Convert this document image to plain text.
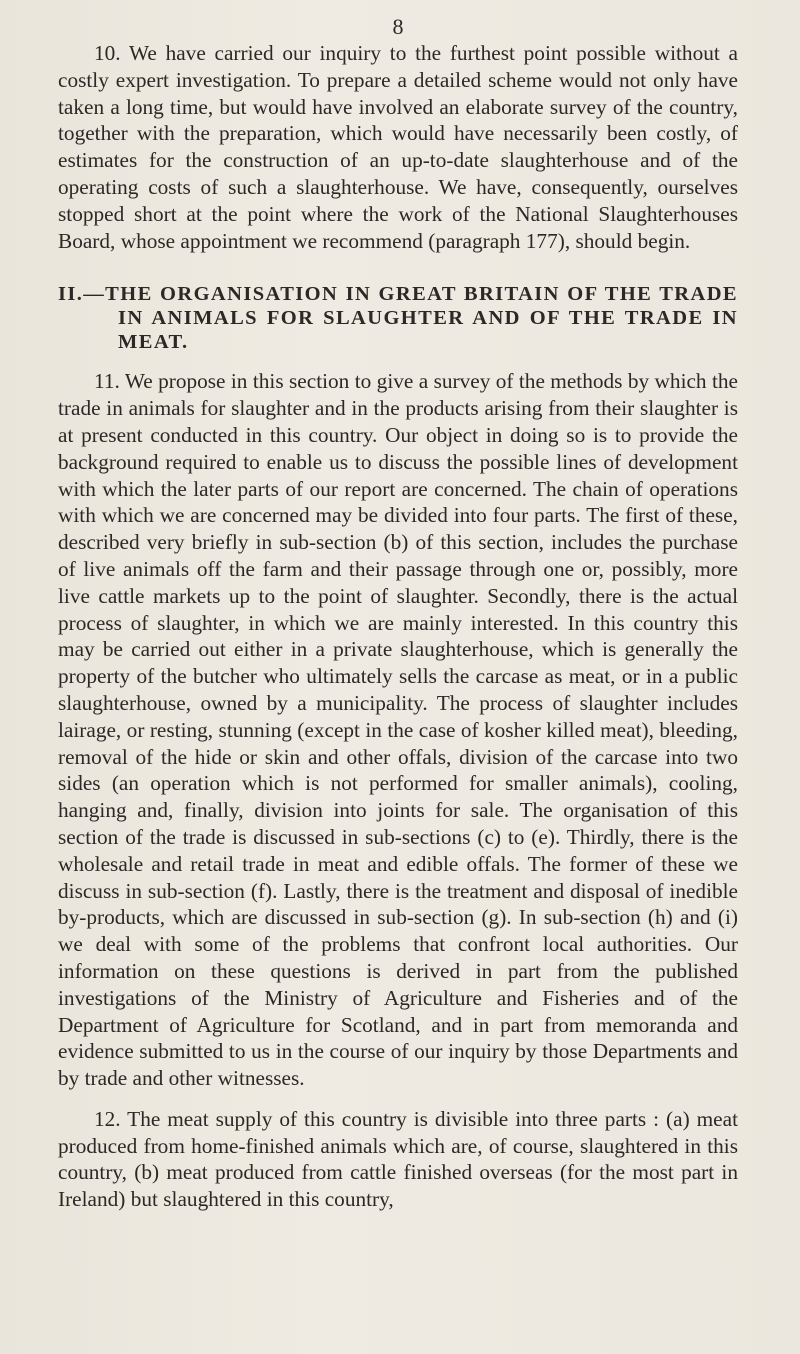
8

10. We have carried our inquiry to the furthest point possible without a costly expert investigation. To prepare a detailed scheme would not only have taken a long time, but would have involved an elaborate survey of the country, together with the preparation, which would have necessarily been costly, of estimates for the construction of an up-to-date slaughterhouse and of the operating costs of such a slaughterhouse. We have, consequently, ourselves stopped short at the point where the work of the National Slaughterhouses Board, whose appointment we recommend (paragraph 177), should begin.

II.—THE ORGANISATION IN GREAT BRITAIN OF THE TRADE IN ANIMALS FOR SLAUGHTER AND OF THE TRADE IN MEAT.

11. We propose in this section to give a survey of the methods by which the trade in animals for slaughter and in the products arising from their slaughter is at present conducted in this country. Our object in doing so is to provide the background required to enable us to discuss the possible lines of development with which the later parts of our report are concerned. The chain of operations with which we are concerned may be divided into four parts. The first of these, described very briefly in sub-section (b) of this section, includes the purchase of live animals off the farm and their passage through one or, possibly, more live cattle markets up to the point of slaughter. Secondly, there is the actual process of slaughter, in which we are mainly interested. In this country this may be carried out either in a private slaughterhouse, which is generally the property of the butcher who ultimately sells the carcase as meat, or in a public slaughterhouse, owned by a municipality. The process of slaughter includes lairage, or resting, stunning (except in the case of kosher killed meat), bleeding, removal of the hide or skin and other offals, division of the carcase into two sides (an operation which is not performed for smaller animals), cooling, hanging and, finally, division into joints for sale. The organisation of this section of the trade is discussed in sub-sections (c) to (e). Thirdly, there is the wholesale and retail trade in meat and edible offals. The former of these we discuss in sub-section (f). Lastly, there is the treatment and disposal of inedible by-products, which are discussed in sub-section (g). In sub-section (h) and (i) we deal with some of the problems that confront local authorities. Our information on these questions is derived in part from the published investigations of the Ministry of Agriculture and Fisheries and of the Department of Agriculture for Scotland, and in part from memoranda and evidence submitted to us in the course of our inquiry by those Departments and by trade and other witnesses.

12. The meat supply of this country is divisible into three parts : (a) meat produced from home-finished animals which are, of course, slaughtered in this country, (b) meat produced from cattle finished overseas (for the most part in Ireland) but slaughtered in this country,
